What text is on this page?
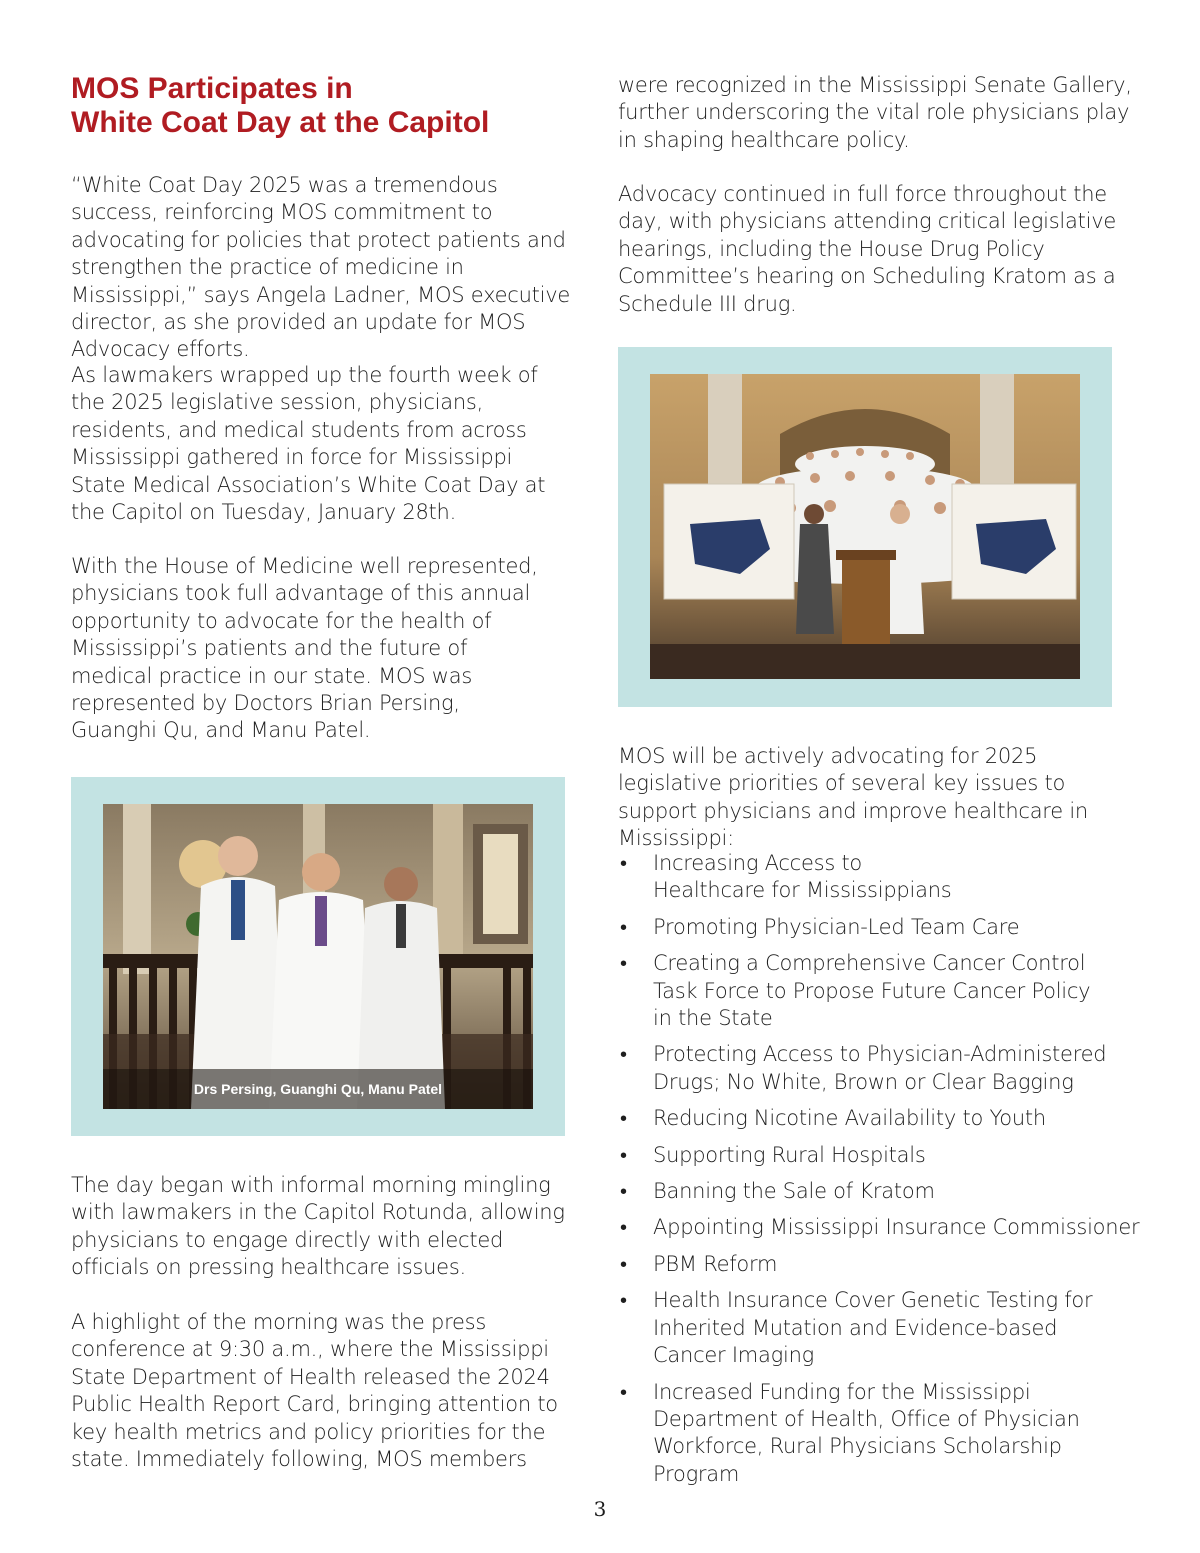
MOS Participates in
White Coat Day at the Capitol

“White Coat Day 2025 was a tremendous success, reinforcing MOS commitment to advocating for policies that protect patients and strengthen the practice of medicine in Mississippi,” says Angela Ladner, MOS executive director, as she provided an update for MOS Advocacy efforts.

As lawmakers wrapped up the fourth week of the 2025 legislative session, physicians, residents, and medical students from across Mississippi gathered in force for Mississippi State Medical Association’s White Coat Day at the Capitol on Tuesday, January 28th.

With the House of Medicine well represented, physicians took full advantage of this annual opportunity to advocate for the health of Mississippi’s patients and the future of medical practice in our state. MOS was represented by Doctors Brian Persing, Guanghi Qu, and Manu Patel.

Drs Persing, Guanghi Qu, Manu Patel

The day began with informal morning mingling with lawmakers in the Capitol Rotunda, allowing physicians to engage directly with elected officials on pressing healthcare issues.

A highlight of the morning was the press conference at 9:30 a.m., where the Mississippi State Department of Health released the 2024 Public Health Report Card, bringing attention to key health metrics and policy priorities for the state. Immediately following, MOS members

were recognized in the Mississippi Senate Gallery, further underscoring the vital role physicians play in shaping healthcare policy.

Advocacy continued in full force throughout the day, with physicians attending critical legislative hearings, including the House Drug Policy Committee’s hearing on Scheduling Kratom as a Schedule III drug.

MOS will be actively advocating for 2025 legislative priorities of several key issues to support physicians and improve healthcare in Mississippi:

• Increasing Access to Healthcare for Mississippians
• Promoting Physician-Led Team Care
• Creating a Comprehensive Cancer Control Task Force to Propose Future Cancer Policy in the State
• Protecting Access to Physician-Administered Drugs; No White, Brown or Clear Bagging
• Reducing Nicotine Availability to Youth
• Supporting Rural Hospitals
• Banning the Sale of Kratom
• Appointing Mississippi Insurance Commissioner
• PBM Reform
• Health Insurance Cover Genetic Testing for Inherited Mutation and Evidence-based Cancer Imaging
• Increased Funding for the Mississippi Department of Health, Office of Physician Workforce, Rural Physicians Scholarship Program
3
